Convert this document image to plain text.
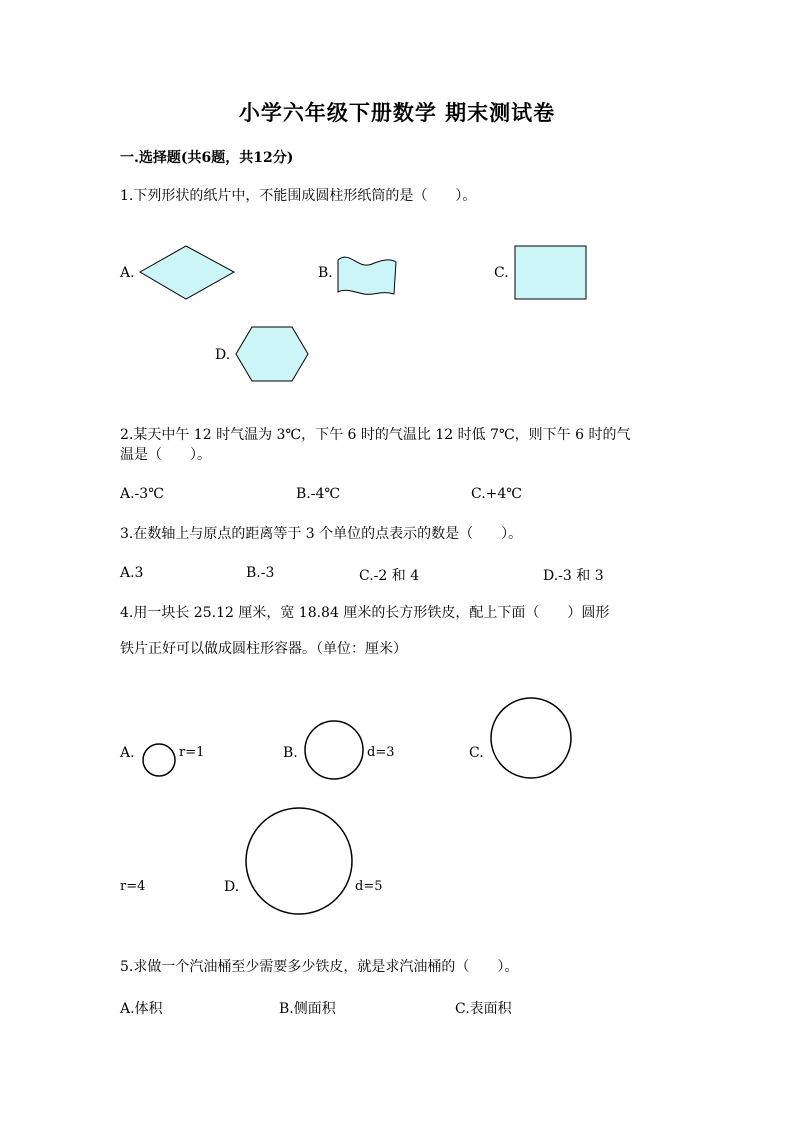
小学六年级下册数学 期末测试卷
一.选择题(共6题，共12分)
1.下列形状的纸片中，不能围成圆柱形纸筒的是（　　）。
A.	B.	C.
D.
2.某天中午 12 时气温为 3℃，下午 6 时的气温比 12 时低 7℃，则下午 6 时的气
温是（　　）。
A.-3℃	B.-4℃	C.+4℃
3.在数轴上与原点的距离等于 3 个单位的点表示的数是（　　）。
A.3	B.-3	C.-2 和 4	D.-3 和 3
4.用一块长 25.12 厘米，宽 18.84 厘米的长方形铁皮，配上下面（　　）圆形
铁片正好可以做成圆柱形容器。（单位：厘米）
A.	r=1	B.	d=3	C.
r=4	D.	d=5
5.求做一个汽油桶至少需要多少铁皮，就是求汽油桶的（　　）。
A.体积	B.侧面积	C.表面积
